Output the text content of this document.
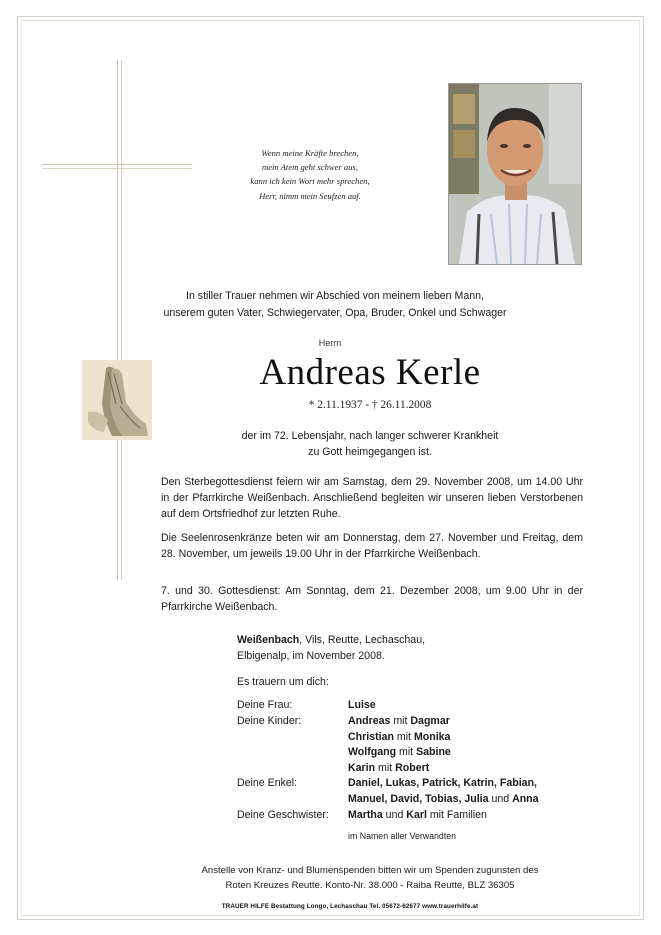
Wenn meine Kräfte brechen,
mein Atem geht schwer aus,
kann ich kein Wort mehr sprechen,
Herr, nimm mein Seufzen auf.
In stiller Trauer nehmen wir Abschied von meinem lieben Mann,
unserem guten Vater, Schwiegervater, Opa, Bruder, Onkel und Schwager
Herrn
Andreas Kerle
* 2.11.1937 - † 26.11.2008
der im 72. Lebensjahr, nach langer schwerer Krankheit
zu Gott heimgegangen ist.
Den Sterbegottesdienst feiern wir am Samstag, dem 29. November 2008, um 14.00 Uhr in der Pfarrkirche Weißenbach. Anschließend begleiten wir unseren lieben Verstorbenen auf dem Ortsfriedhof zur letzten Ruhe.
Die Seelenrosenkränze beten wir am Donnerstag, dem 27. November und Freitag, dem 28. November, um jeweils 19.00 Uhr in der Pfarrkirche Weißenbach.
7. und 30. Gottesdienst: Am Sonntag, dem 21. Dezember 2008, um 9.00 Uhr in der Pfarrkirche Weißenbach.
Weißenbach, Vils, Reutte, Lechaschau,
Elbigenalp, im November 2008.
Es trauern um dich:
Deine Frau:	Luise
Deine Kinder:	Andreas mit Dagmar
Christian mit Monika
Wolfgang mit Sabine
Karin mit Robert
Deine Enkel:	Daniel, Lukas, Patrick, Katrin, Fabian,
Manuel, David, Tobias, Julia und Anna
Deine Geschwister:	Martha und Karl mit Familien
im Namen aller Verwandten
Anstelle von Kranz- und Blumenspenden bitten wir um Spenden zugunsten des
Roten Kreuzes Reutte. Konto-Nr. 38.000 - Raiba Reutte, BLZ 36305
TRAUER HILFE Bestattung Longo, Lechaschau Tel. 05672-62677 www.trauerhilfe.at
